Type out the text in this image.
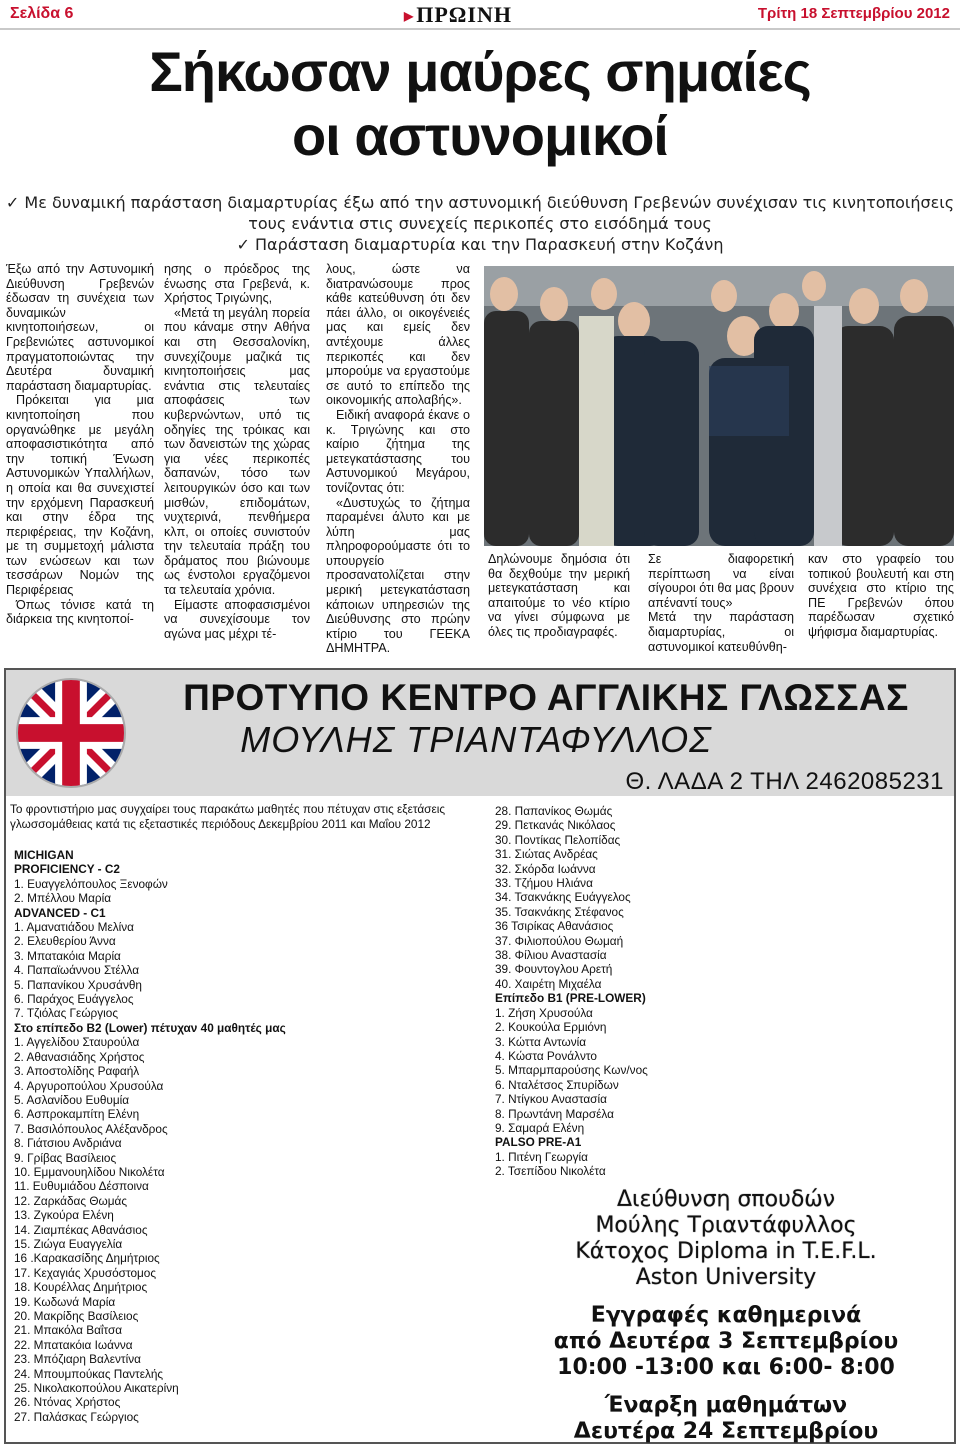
Σελίδα 6	▶ΠΡΩΙΝΗ	Τρίτη 18 Σεπτεμβρίου 2012
Σήκωσαν μαύρες σημαίες
οι αστυνομικοί
✓ Με δυναμική παράσταση διαμαρτυρίας έξω από την αστυνομική διεύθυνση Γρεβενών συνέχισαν τις κινητοποιήσεις
τους ενάντια στις συνεχείς περικοπές στο εισόδημά τους
✓ Παράσταση διαμαρτυρία και την Παρασκευή στην Κοζάνη

Έξω από την Αστυνομική Διεύθυνση Γρεβενών έδωσαν τη συνέχεια των δυναμικών κινητοποιήσεων, οι Γρεβενιώτες αστυνομικοί πραγματοποιώντας την Δευτέρα δυναμική παράσταση διαμαρτυρίας.

Πρόκειται για μια κινητοποίηση που οργανώθηκε με μεγάλη αποφασιστικότητα από την τοπική Ένωση Αστυνομικών Υπαλλήλων, η οποία και θα συνεχιστεί την ερχόμενη Παρασκευή και στην έδρα της περιφέρειας, την Κοζάνη, με τη συμμετοχή μάλιστα των ενώσεων και των τεσσάρων Νομών της Περιφέρειας

Όπως τόνισε κατά τη διάρκεια της κινητοποί-

ησης ο πρόεδρος της ένωσης στα Γρεβενά, κ. Χρήστος Τριγώνης,

«Μετά τη μεγάλη πορεία που κάναμε στην Αθήνα και στη Θεσσαλονίκη, συνεχίζουμε μαζικά τις κινητοποιήσεις μας ενάντια στις τελευταίες αποφάσεις των κυβερνώντων, υπό τις οδηγίες της τρόικας και των δανειστών της χώρας για νέες περικοπές δαπανών, τόσο των λειτουργικών όσο και των μισθών, επιδομάτων, νυχτερινά, πενθήμερα κλπ, οι οποίες συνιστούν την τελευταία πράξη του δράματος που βιώνουμε ως ένστολοι εργαζόμενοι τα τελευταία χρόνια.

Είμαστε αποφασισμένοι να συνεχίσουμε τον αγώνα μας μέχρι τέ-

λους, ώστε να διατρανώσουμε προς κάθε κατεύθυνση ότι δεν πάει άλλο, οι οικογένειές μας και εμείς δεν αντέχουμε άλλες περικοπές και δεν μπορούμε να εργαστούμε σε αυτό το επίπεδο της οικονομικής απολαβής».

Ειδική αναφορά έκανε ο κ. Τριγώνης και στο καίριο ζήτημα της μετεγκατάστασης του Αστυνομικού Μεγάρου, τονίζοντας ότι:

«Δυστυχώς το ζήτημα παραμένει άλυτο και με λύπη μας πληροφορούμαστε ότι το υπουργείο προσανατολίζεται στην μερική μετεγκατάσταση κάποιων υπηρεσιών της Διεύθυνσης στο πρώην κτίριο του ΓΕΕΚΑ ΔΗΜΗΤΡΑ.

Δηλώνουμε δημόσια ότι θα δεχθούμε την μερική μετεγκατάσταση και απαιτούμε το νέο κτίριο να γίνει σύμφωνα με όλες τις προδιαγραφές.

Σε διαφορετική περίπτωση να είναι σίγουροι ότι θα μας βρουν απέναντί τους»

Μετά την παράσταση διαμαρτυρίας, οι αστυνομικοί κατευθύνθη-

καν στο γραφείο του τοπικού βουλευτή και στη συνέχεια στο κτίριο της ΠΕ Γρεβενών όπου παρέδωσαν σχετικό ψήφισμα διαμαρτυρίας.

ΠΡΟΤΥΠΟ ΚΕΝΤΡΟ ΑΓΓΛΙΚΗΣ ΓΛΩΣΣΑΣ
ΜΟΥΛΗΣ ΤΡΙΑΝΤΑΦΥΛΛΟΣ
Θ. ΛΑΔΑ 2 ΤΗΛ 2462085231
Το φροντιστήριο μας συγχαίρει τους παρακάτω μαθητές που πέτυχαν στις εξετάσεις γλωσσομάθειας κατά τις εξεταστικές περιόδους Δεκεμβρίου 2011 και Μαΐου 2012
MICHIGAN
PROFICIENCY - C2
1. Ευαγγελόπουλος Ξενοφών
2. Μπέλλου Μαρία
ADVANCED - C1
1. Αμανατιάδου Μελίνα
2. Ελευθερίου Άννα
3. Μπατακόια Μαρία
4. Παπαϊωάννου Στέλλα
5. Παπανίκου Χρυσάνθη
6. Παράχος Ευάγγελος
7. Τζιόλας Γεώργιος
Στο επίπεδο B2 (Lower) πέτυχαν 40 μαθητές μας
1. Αγγελίδου Σταυρούλα
2. Αθανασιάδης Χρήστος
3. Αποστολίδης Ραφαήλ
4. Αργυροπούλου Χρυσούλα
5. Ασλανίδου Ευθυμία
6. Ασπροκαμπίτη Ελένη
7. Βασιλόπουλος Αλέξανδρος
8. Γιάτσιου Ανδριάνα
9. Γρίβας Βασίλειος
10. Εμμανουηλίδου Νικολέτα
11. Ευθυμιάδου Δέσποινα
12. Ζαρκάδας Θωμάς
13. Ζγκούρα Ελένη
14. Ζιαμπέκας Αθανάσιος
15. Ζιώγα Ευαγγελία
16 .Καρακασίδης Δημήτριος
17. Κεχαγιάς Χρυσόστομος
18. Κουρέλλας Δημήτριος
19. Κωδωνά Μαρία
20. Μακρίδης Βασίλειος
21. Μπακόλα Βαΐτσα
22. Μπατακόια Ιωάννα
23. Μπόζιαρη Βαλεντίνα
24. Μπουμπούκας Παντελής
25. Νικολακοπούλου Αικατερίνη
26. Ντόνας Χρήστος
27. Παλάσκας Γεώργιος
28. Παπανίκος Θωμάς
29. Πετκανάς Νικόλαος
30. Ποντίκας Πελοπίδας
31. Σιώτας Ανδρέας
32. Σκόρδα Ιωάννα
33. Τζήμου Ηλιάνα
34. Τσακνάκης Ευάγγελος
35. Τσακνάκης Στέφανος
36 Τσιρίκας Αθανάσιος
37. Φιλιοπούλου Θωμαή
38. Φίλιου Αναστασία
39. Φουντογλου Αρετή
40. Χαιρέτη Μιχαέλα
Επίπεδο B1 (PRE-LOWER)
1. Ζήση Χρυσούλα
2. Κουκούλα Ερμιόνη
3. Κώττα Αντωνία
4. Κώστα Ρονάλντο
5. Μπαρμπαρούσης Κων/νος
6. Νταλέτσος Σπυρίδων
7. Ντίγκου Αναστασία
8. Πρωντάνη Μαρσέλα
9. Σαμαρά Ελένη
PALSO PRE-A1
1. Πιτένη Γεωργία
2. Τσεπίδου Νικολέτα
Διεύθυνση σπουδών
Μούλης Τριαντάφυλλος
Κάτοχος Diploma in T.E.F.L.
Aston University
Εγγραφές καθημερινά
από Δευτέρα 3 Σεπτεμβρίου
10:00 -13:00 και 6:00- 8:00
Έναρξη μαθημάτων
Δευτέρα 24 Σεπτεμβρίου
